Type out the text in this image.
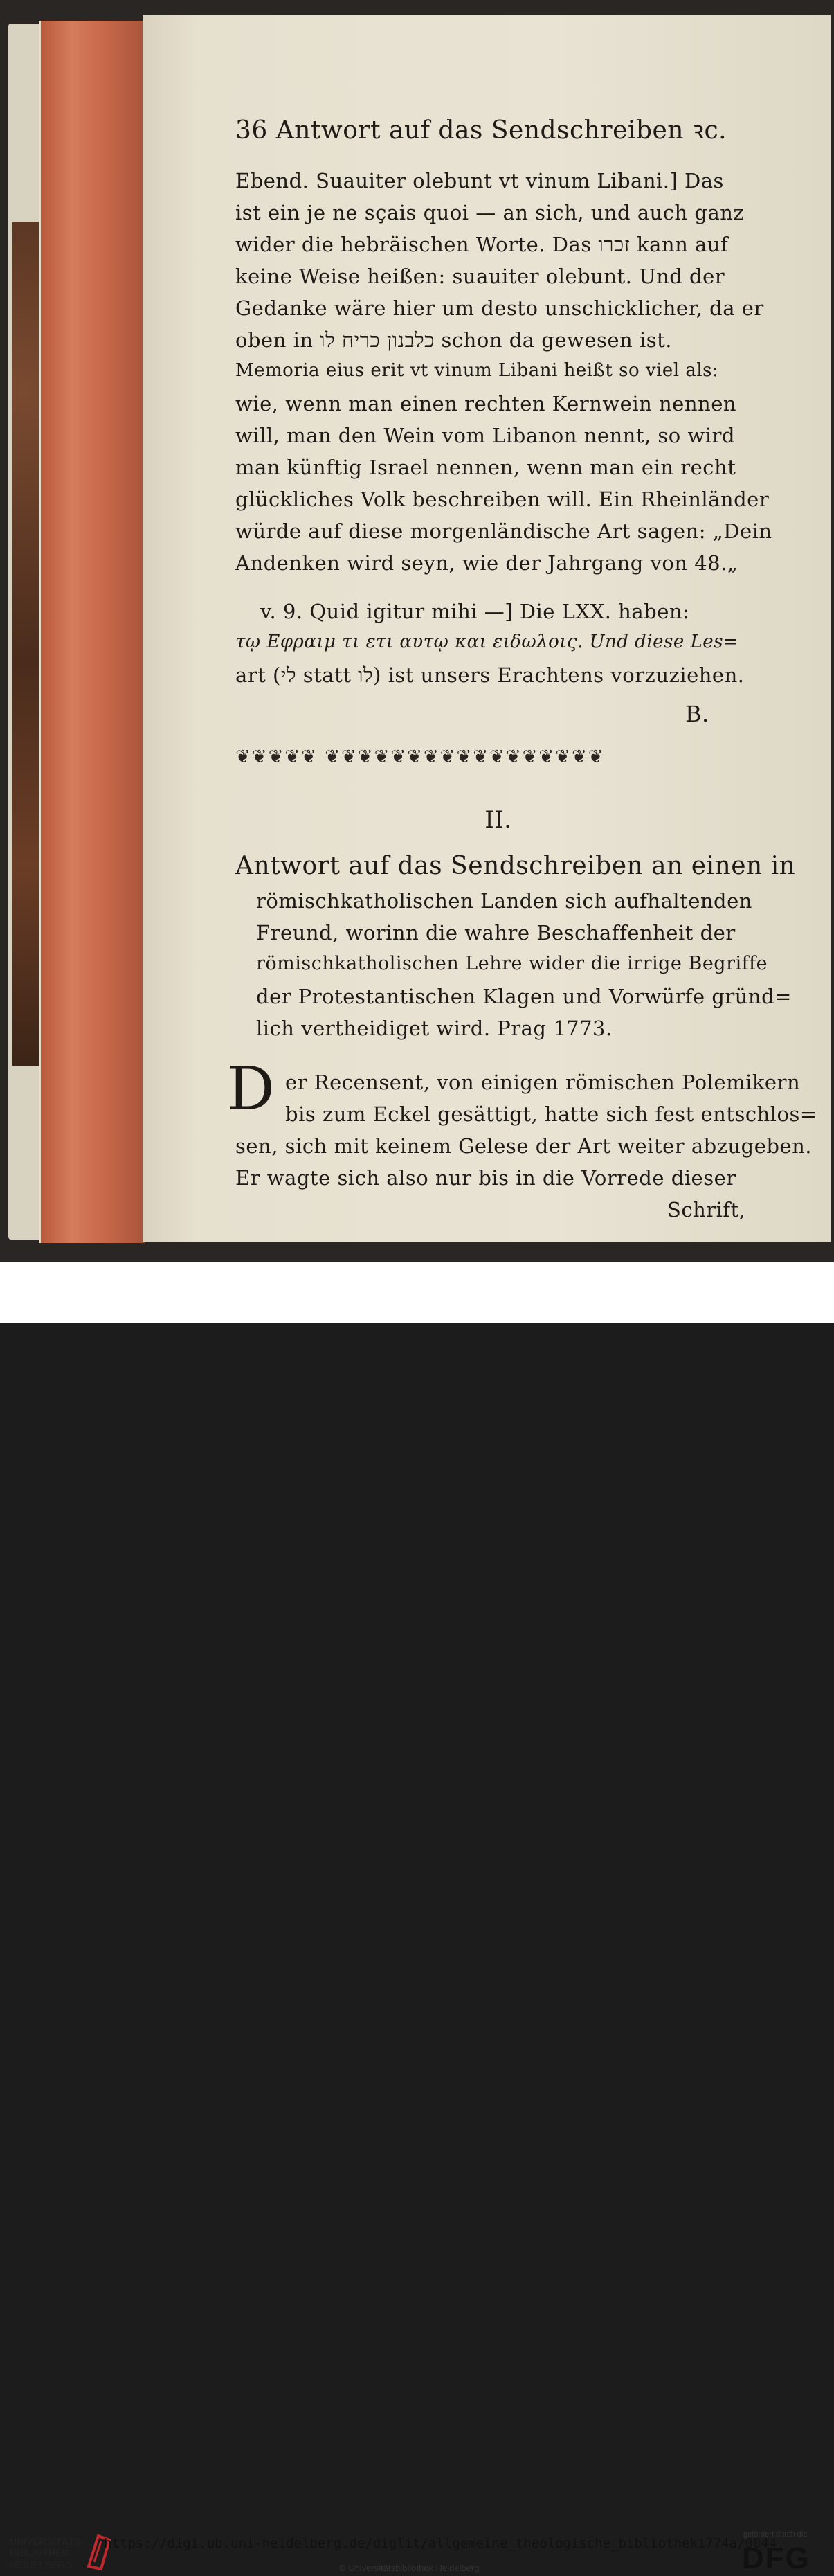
36 Antwort auf das Sendschreiben ꝛc.
Ebend. Suauiter olebunt vt vinum Libani.] Das
ist ein je ne sçais quoi — an sich, und auch ganz
wider die hebräischen Worte. Das זכרו kann auf
keine Weise heißen: suauiter olebunt. Und der
Gedanke wäre hier um desto unschicklicher, da er
oben in כלבנון כריח לו schon da gewesen ist.
Memoria eius erit vt vinum Libani heißt so viel als:
wie, wenn man einen rechten Kernwein nennen
will, man den Wein vom Libanon nennt, so wird
man künftig Israel nennen, wenn man ein recht
glückliches Volk beschreiben will. Ein Rheinländer
würde auf diese morgenländische Art sagen: „Dein
Andenken wird seyn, wie der Jahrgang von 48.„
v. 9. Quid igitur mihi —] Die LXX. haben:
τῳ Εφραιμ τι ετι αυτῳ και ειδωλοις. Und diese Les=
art (לי statt לו) ist unsers Erachtens vorzuziehen.
B.
❦❦❦❦❦ ❦❦❦❦❦❦❦❦❦❦❦❦❦❦❦❦❦
II.
Antwort auf das Sendschreiben an einen in
römischkatholischen Landen sich aufhaltenden
Freund, worinn die wahre Beschaffenheit der
römischkatholischen Lehre wider die irrige Begriffe
der Protestantischen Klagen und Vorwürfe gründ=
lich vertheidiget wird. Prag 1773.
D er Recensent, von einigen römischen Polemikern
bis zum Eckel gesättigt, hatte sich fest entschlos=
sen, sich mit keinem Gelese der Art weiter abzugeben.
Er wagte sich also nur bis in die Vorrede dieser
Schrift,
UNIVERSITÄTS-
BIBLIOTHEK
HEIDELBERG
https://digi.ub.uni-heidelberg.de/diglit/allgemeine_theologische_bibliothek1774a/0044
© Universitätsbibliothek Heidelberg
gefördert durch die
DFG
